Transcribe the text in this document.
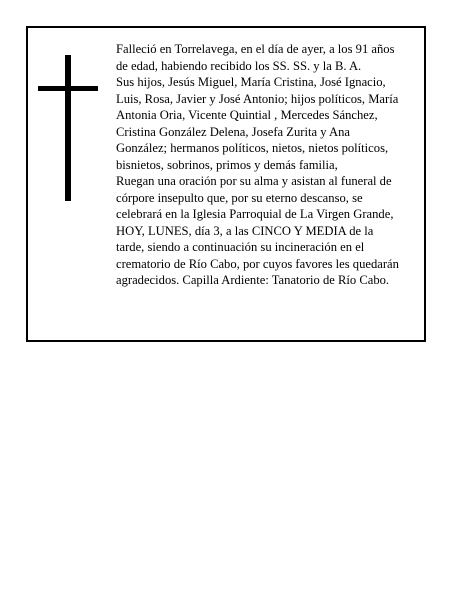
Falleció en Torrelavega, en el día de ayer, a los 91 años
de edad, habiendo recibido los SS. SS. y la B. A.
Sus hijos, Jesús Miguel, María Cristina, José Ignacio,
Luis, Rosa, Javier y José Antonio; hijos políticos, María
Antonia Oria, Vicente Quintial , Mercedes Sánchez,
Cristina González Delena, Josefa Zurita y Ana
González; hermanos políticos, nietos, nietos políticos,
bisnietos, sobrinos, primos y demás familia,
Ruegan una oración por su alma y asistan al funeral de
córpore insepulto que, por su eterno descanso, se
celebrará en la Iglesia Parroquial de La Virgen Grande,
HOY, LUNES, día 3, a las CINCO Y MEDIA de la
tarde, siendo a continuación su incineración en el
crematorio de Río Cabo, por cuyos favores les quedarán
agradecidos. Capilla Ardiente: Tanatorio de Río Cabo.
